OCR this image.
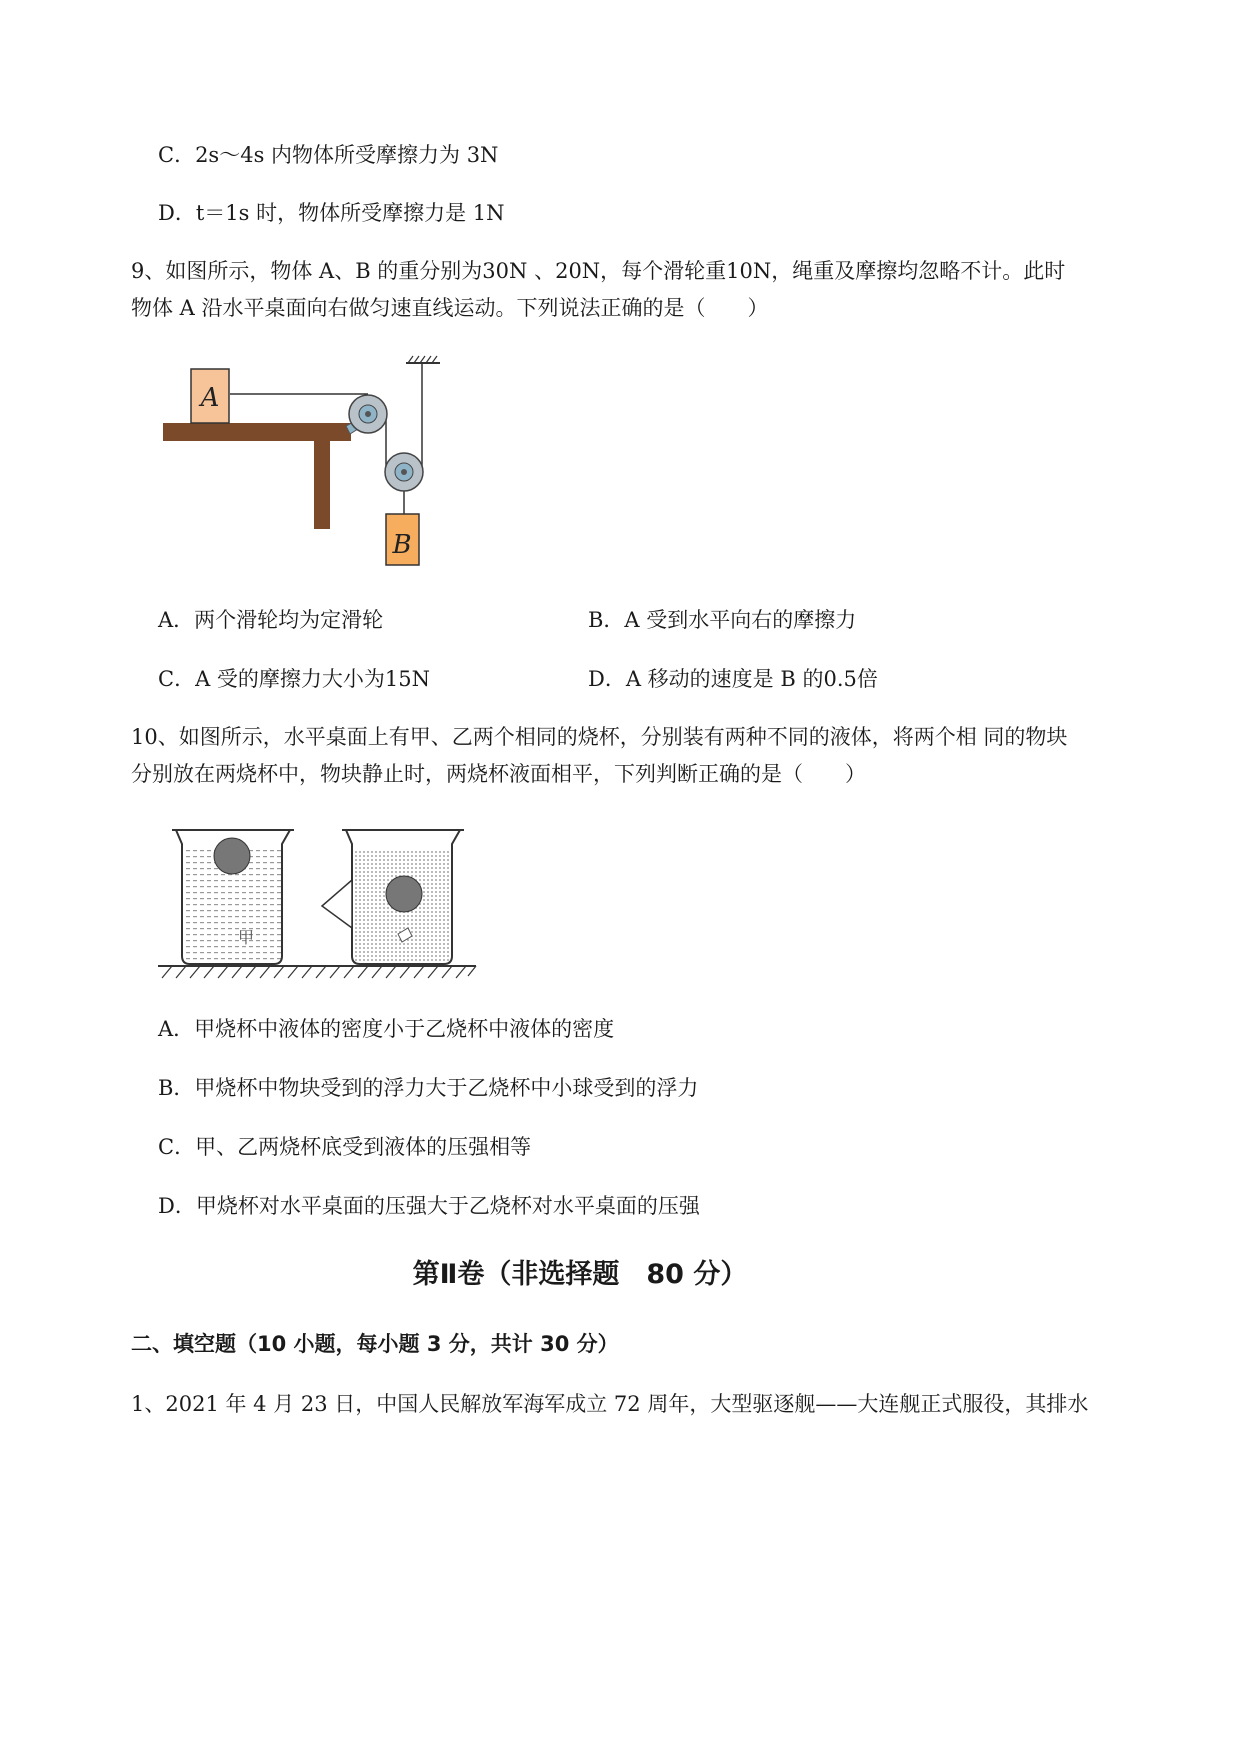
C．2s～4s 内物体所受摩擦力为 3N
D．t＝1s 时，物体所受摩擦力是 1N
9、如图所示，物体 A、B 的重分别为30N 、20N，每个滑轮重10N，绳重及摩擦均忽略不计。此时
物体 A 沿水平桌面向右做匀速直线运动。下列说法正确的是（　　）
A
B
A．两个滑轮均为定滑轮	B．A 受到水平向右的摩擦力
C．A 受的摩擦力大小为15N	D．A 移动的速度是 B 的0.5倍
10、如图所示，水平桌面上有甲、乙两个相同的烧杯，分别装有两种不同的液体，将两个相 同的物块
分别放在两烧杯中，物块静止时，两烧杯液面相平，下列判断正确的是（　　）
甲
A．甲烧杯中液体的密度小于乙烧杯中液体的密度
B．甲烧杯中物块受到的浮力大于乙烧杯中小球受到的浮力
C．甲、乙两烧杯底受到液体的压强相等
D．甲烧杯对水平桌面的压强大于乙烧杯对水平桌面的压强
第Ⅱ卷（非选择题　80 分）
二、填空题（10 小题，每小题 3 分，共计 30 分）
1、2021 年 4 月 23 日，中国人民解放军海军成立 72 周年，大型驱逐舰——大连舰正式服役，其排水
